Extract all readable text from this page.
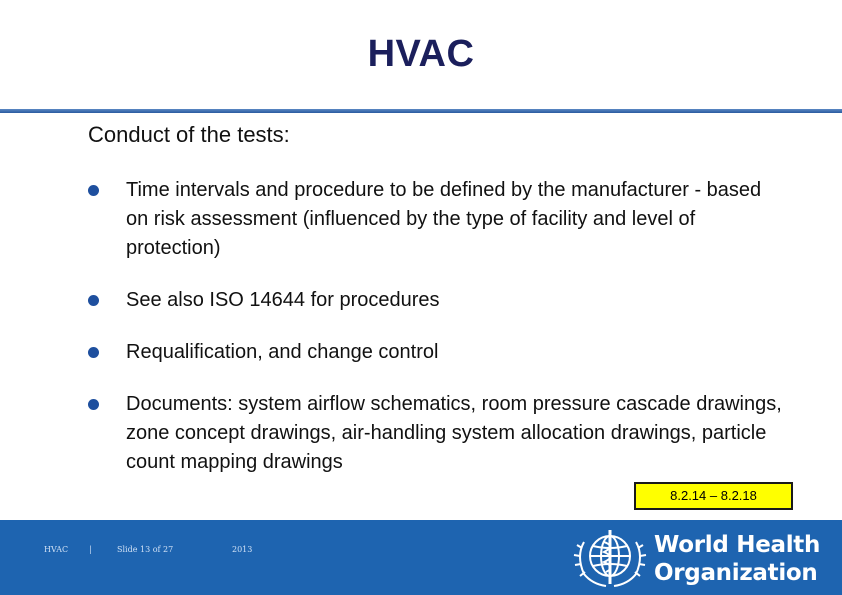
HVAC
Conduct of the tests:
Time intervals and procedure to be defined by the manufacturer - based on risk assessment (influenced by the type of facility and level of protection)
See also ISO 14644 for procedures
Requalification, and change control
Documents: system airflow schematics, room pressure cascade drawings, zone concept drawings, air-handling system allocation drawings, particle count mapping drawings
8.2.14 – 8.2.18
HVAC	|	Slide 13 of 27	2013	World Health
Organization
